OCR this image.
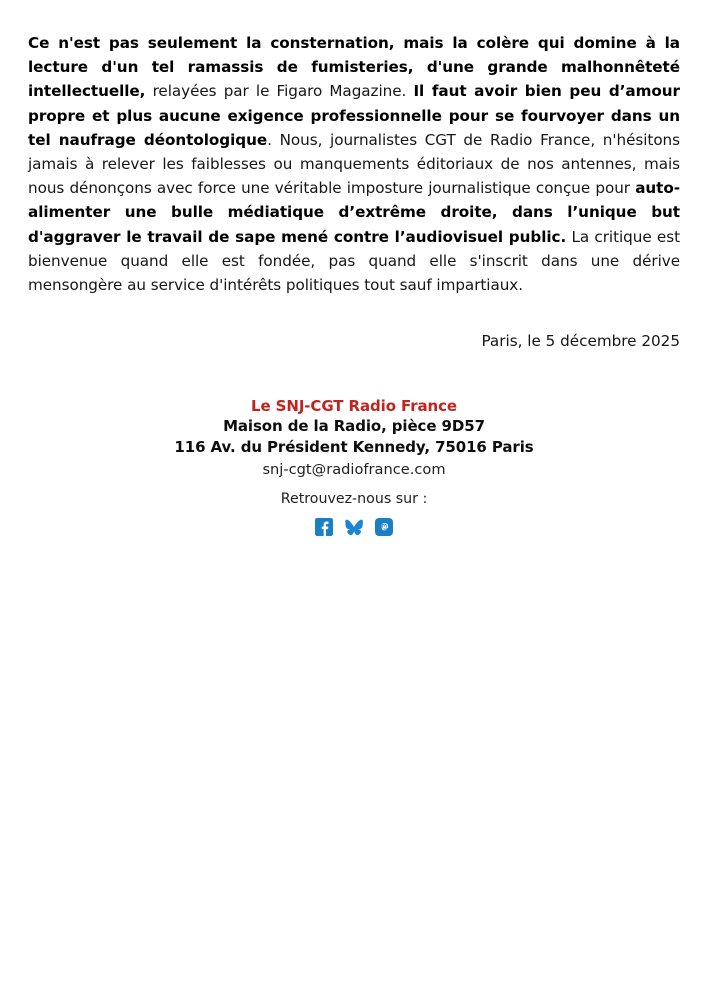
Ce n'est pas seulement la consternation, mais la colère qui domine à la lecture d'un tel ramassis de fumisteries, d'une grande malhonnêteté intellectuelle, relayées par le Figaro Magazine. Il faut avoir bien peu d’amour propre et plus aucune exigence professionnelle pour se fourvoyer dans un tel naufrage déontologique. Nous, journalistes CGT de Radio France, n'hésitons jamais à relever les faiblesses ou manquements éditoriaux de nos antennes, mais nous dénonçons avec force une véritable imposture journalistique conçue pour auto-alimenter une bulle médiatique d’extrême droite, dans l’unique but d'aggraver le travail de sape mené contre l’audiovisuel public. La critique est bienvenue quand elle est fondée, pas quand elle s'inscrit dans une dérive mensongère au service d'intérêts politiques tout sauf impartiaux.

Paris, le 5 décembre 2025
Le SNJ-CGT Radio France
Maison de la Radio, pièce 9D57
116 Av. du Président Kennedy, 75016 Paris
snj-cgt@radiofrance.com
Retrouvez-nous sur :
